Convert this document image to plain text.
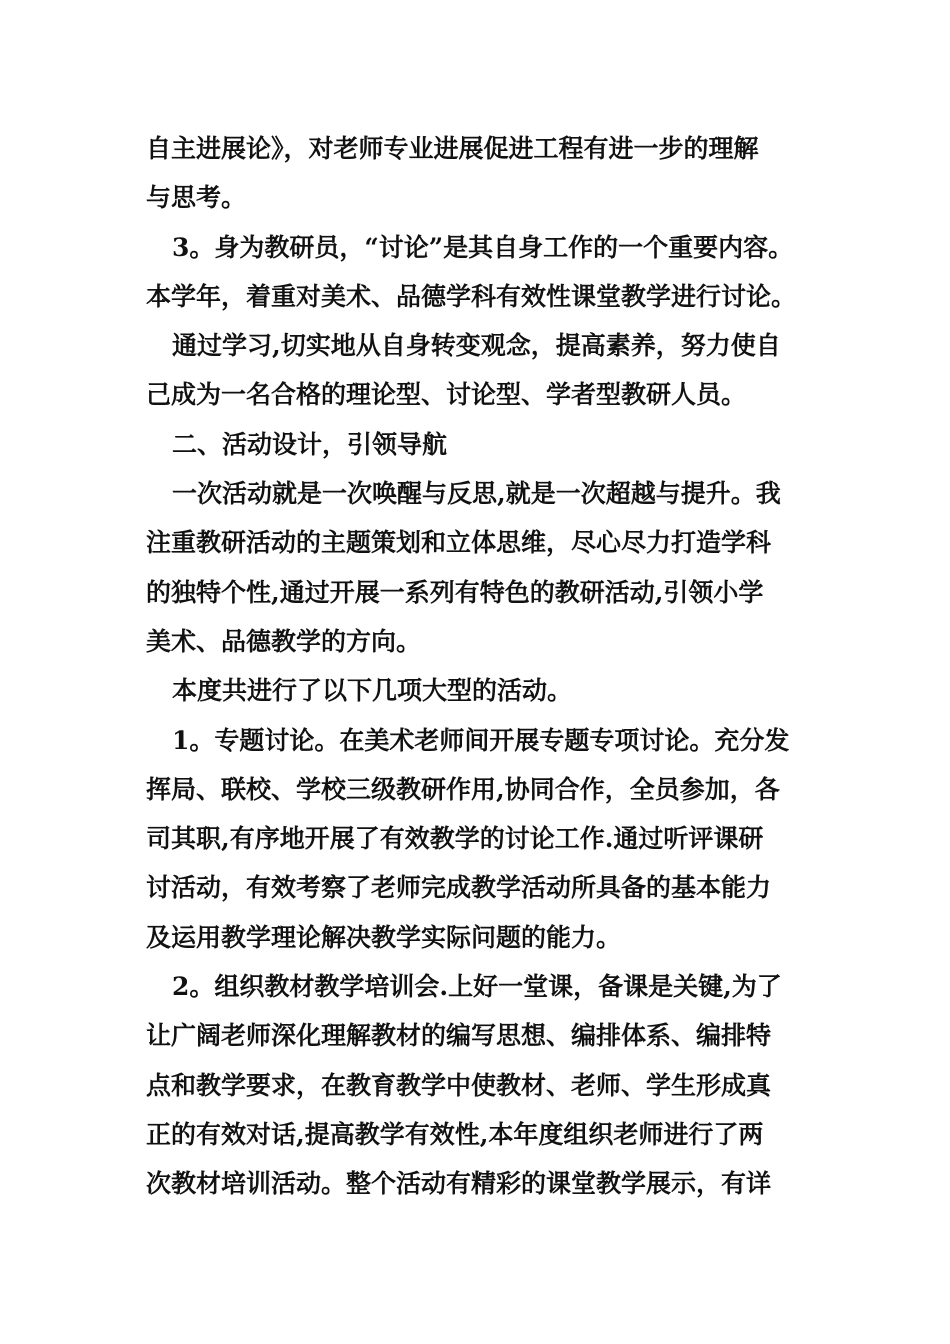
自主进展论》，对老师专业进展促进工程有进一步的理解
与思考。
3。身为教研员，“讨论”是其自身工作的一个重要内容。
本学年，着重对美术、品德学科有效性课堂教学进行讨论。
通过学习,切实地从自身转变观念，提高素养，努力使自
己成为一名合格的理论型、讨论型、学者型教研人员。
二、活动设计，引领导航
一次活动就是一次唤醒与反思,就是一次超越与提升。我
注重教研活动的主题策划和立体思维，尽心尽力打造学科
的独特个性,通过开展一系列有特色的教研活动,引领小学
美术、品德教学的方向。
本度共进行了以下几项大型的活动。
1。专题讨论。在美术老师间开展专题专项讨论。充分发
挥局、联校、学校三级教研作用,协同合作，全员参加，各
司其职,有序地开展了有效教学的讨论工作.通过听评课研
讨活动，有效考察了老师完成教学活动所具备的基本能力
及运用教学理论解决教学实际问题的能力。
2。组织教材教学培训会.上好一堂课，备课是关键,为了
让广阔老师深化理解教材的编写思想、编排体系、编排特
点和教学要求，在教育教学中使教材、老师、学生形成真
正的有效对话,提高教学有效性,本年度组织老师进行了两
次教材培训活动。整个活动有精彩的课堂教学展示，有详
